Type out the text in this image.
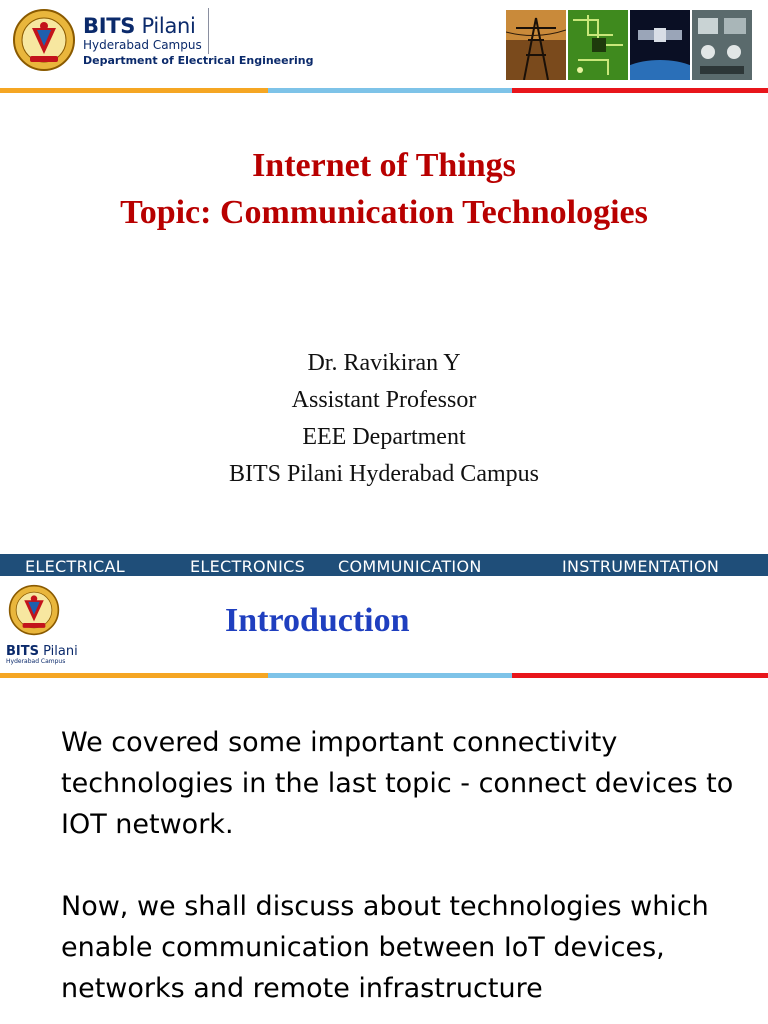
BITS Pilani
Hyderabad Campus
Department of Electrical Engineering
Internet of Things
Topic: Communication Technologies
Dr. Ravikiran Y
Assistant Professor
EEE Department
BITS Pilani Hyderabad Campus
ELECTRICAL	ELECTRONICS COMMUNICATION	INSTRUMENTATION
BITS Pilani
Hyderabad Campus
Introduction

We covered some important connectivity technologies in the last topic - connect devices to IOT network.

Now, we shall discuss about technologies which enable communication between IoT devices, networks and remote infrastructure
